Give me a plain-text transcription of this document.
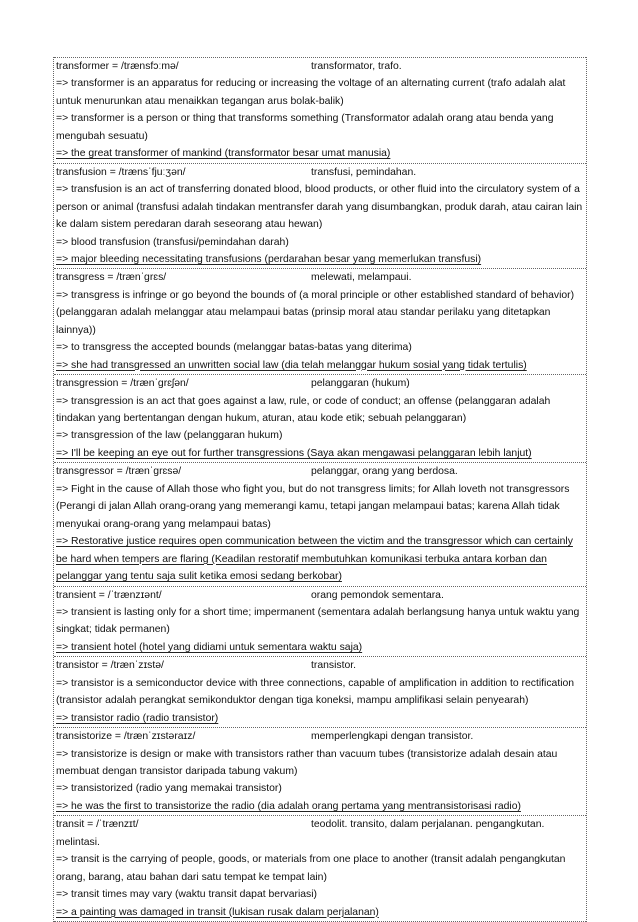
transformer = /trænsfɔːmə/	transformator, trafo.
=> transformer is an apparatus for reducing or increasing the voltage of an alternating current (trafo adalah alat untuk menurunkan atau menaikkan tegangan arus bolak-balik)
=> transformer is a person or thing that transforms something (Transformator adalah orang atau benda yang mengubah sesuatu)
=> the great transformer of mankind (transformator besar umat manusia)
transfusion = /trænsˈfjuːʒən/	transfusi, pemindahan.
=> transfusion is an act of transferring donated blood, blood products, or other fluid into the circulatory system of a person or animal (transfusi adalah tindakan mentransfer darah yang disumbangkan, produk darah, atau cairan lain ke dalam sistem peredaran darah seseorang atau hewan)
=> blood transfusion (transfusi/pemindahan darah)
=> major bleeding necessitating transfusions (perdarahan besar yang memerlukan transfusi)
transgress = /trænˈɡrɛs/	melewati, melampaui.
=> transgress is infringe or go beyond the bounds of (a moral principle or other established standard of behavior) (pelanggaran adalah melanggar atau melampaui batas (prinsip moral atau standar perilaku yang ditetapkan lainnya))
=> to transgress the accepted bounds (melanggar batas-batas yang diterima)
=> she had transgressed an unwritten social law (dia telah melanggar hukum sosial yang tidak tertulis)
transgression = /trænˈɡrɛʃən/	pelanggaran (hukum)
=> transgression is an act that goes against a law, rule, or code of conduct; an offense (pelanggaran adalah tindakan yang bertentangan dengan hukum, aturan, atau kode etik; sebuah pelanggaran)
=> transgression of the law (pelanggaran hukum)
=> I'll be keeping an eye out for further transgressions (Saya akan mengawasi pelanggaran lebih lanjut)
transgressor = /trænˈɡrɛsə/	pelanggar, orang yang berdosa.
=> Fight in the cause of Allah those who fight you, but do not transgress limits; for Allah loveth not transgressors (Perangi di jalan Allah orang-orang yang memerangi kamu, tetapi jangan melampaui batas; karena Allah tidak menyukai orang-orang yang melampaui batas)
=> Restorative justice requires open communication between the victim and the transgressor which can certainly be hard when tempers are flaring (Keadilan restoratif membutuhkan komunikasi terbuka antara korban dan pelanggar yang tentu saja sulit ketika emosi sedang berkobar)
transient = /ˈtrænzɪənt/	orang pemondok sementara.
=> transient is lasting only for a short time; impermanent (sementara adalah berlangsung hanya untuk waktu yang singkat; tidak permanen)
=> transient hotel (hotel yang didiami untuk sementara waktu saja)
transistor = /trænˈzɪstə/	transistor.
=> transistor is a semiconductor device with three connections, capable of amplification in addition to rectification (transistor adalah perangkat semikonduktor dengan tiga koneksi, mampu amplifikasi selain penyearah)
=> transistor radio (radio transistor)
transistorize = /trænˈzɪstəraɪz/	memperlengkapi dengan transistor.
=> transistorize is design or make with transistors rather than vacuum tubes (transistorize adalah desain atau membuat dengan transistor daripada tabung vakum)
=> transistorized (radio yang memakai transistor)
=> he was the first to transistorize the radio (dia adalah orang pertama yang mentransistorisasi radio)
transit = /ˈtrænzɪt/	teodolit. transito, dalam perjalanan. pengangkutan.
melintasi.
=> transit is the carrying of people, goods, or materials from one place to another (transit adalah pengangkutan orang, barang, atau bahan dari satu tempat ke tempat lain)
=> transit times may vary (waktu transit dapat bervariasi)
=> a painting was damaged in transit (lukisan rusak dalam perjalanan)
